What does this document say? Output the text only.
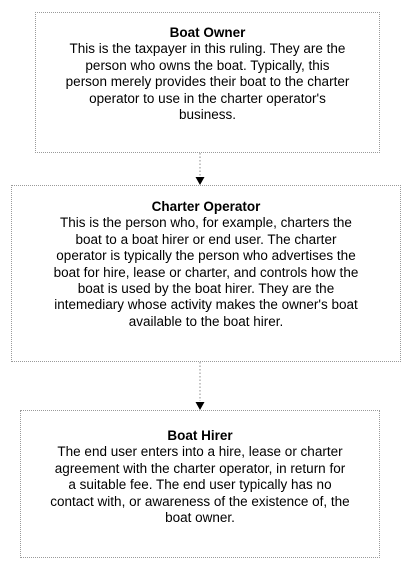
Boat Owner
This is the taxpayer in this ruling. They are the
person who owns the boat. Typically, this
person merely provides their boat to the charter
operator to use in the charter operator's
business.
Charter Operator
This is the person who, for example, charters the
boat to a boat hirer or end user. The charter
operator is typically the person who advertises the
boat for hire, lease or charter, and controls how the
boat is used by the boat hirer. They are the
intemediary whose activity makes the owner's boat
available to the boat hirer.
Boat Hirer
The end user enters into a hire, lease or charter
agreement with the charter operator, in return for
a suitable fee. The end user typically has no
contact with, or awareness of the existence of, the
boat owner.
